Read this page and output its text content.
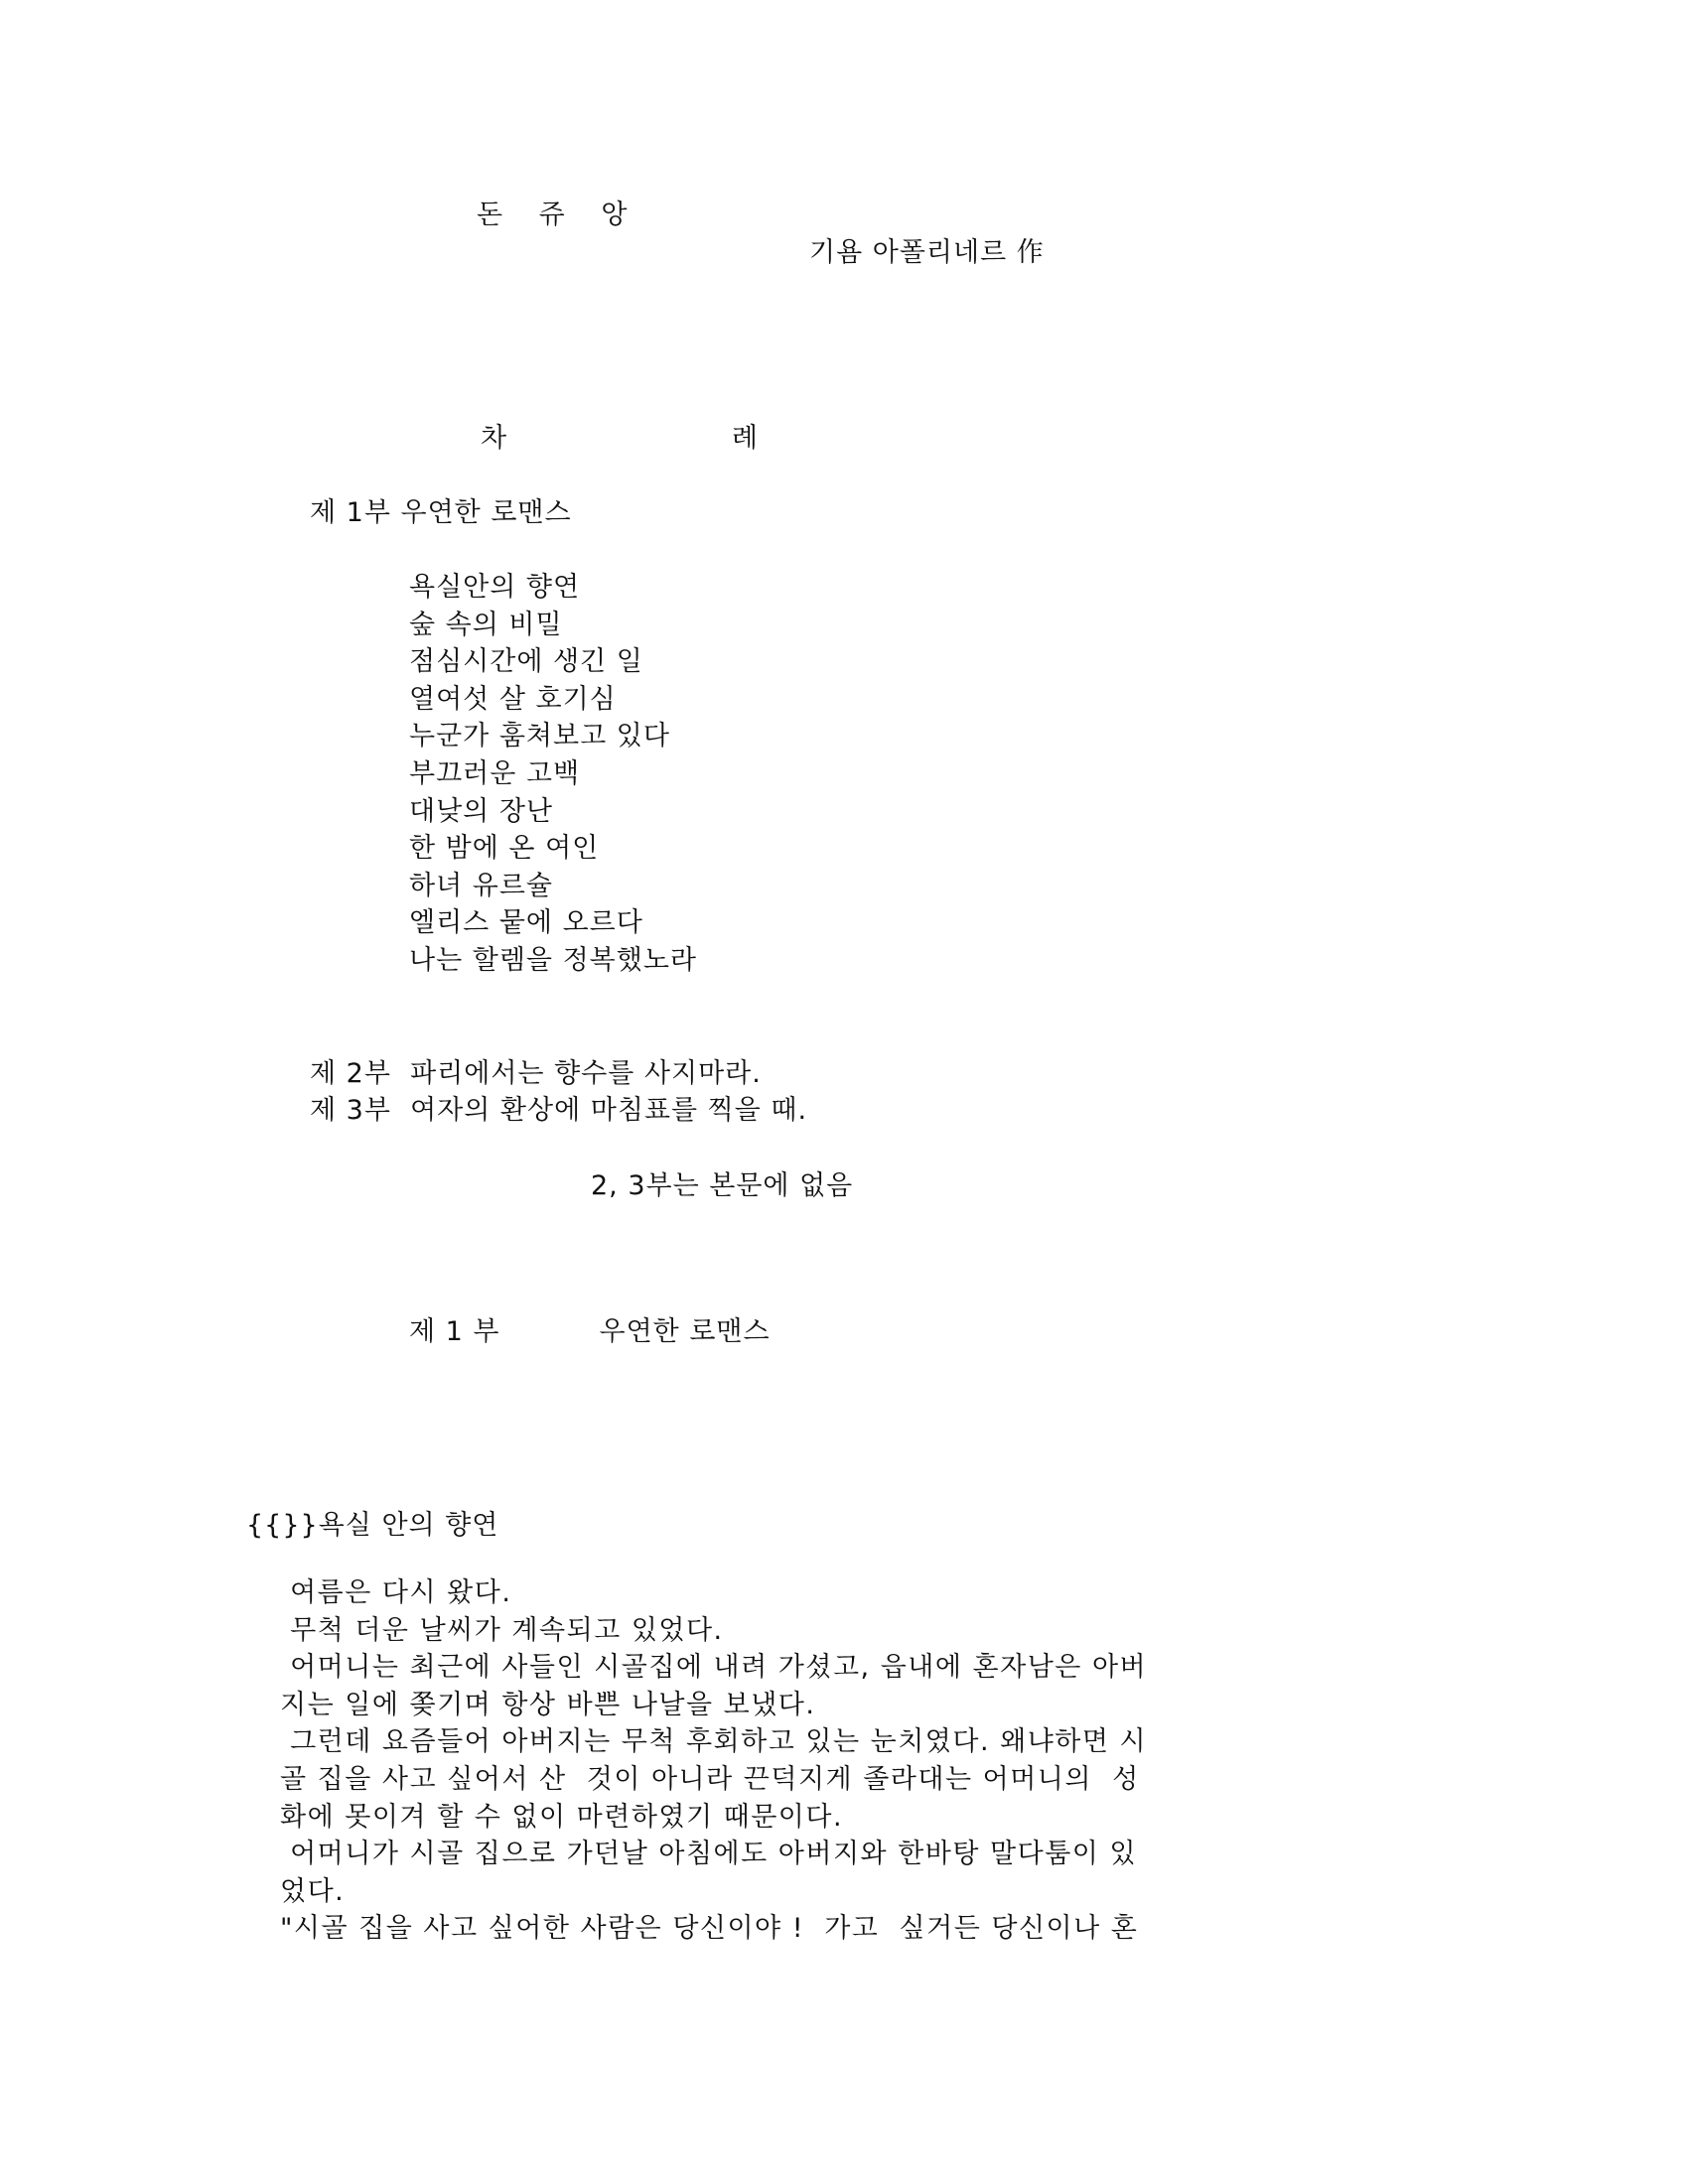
돈 쥬 앙
기욤 아폴리네르 作
차	례
제 1부 우연한 로맨스
욕실안의 향연
숲 속의 비밀
점심시간에 생긴 일
열여섯 살 호기심
누군가 훔쳐보고 있다
부끄러운 고백
대낮의 장난
한 밤에 온 여인
하녀 유르슐
엘리스 뭍에 오르다
나는 할렘을 정복했노라
제 2부  파리에서는 향수를 사지마라.
제 3부  여자의 환상에 마침표를 찍을 때.
2, 3부는 본문에 없음
제 1 부	우연한 로맨스
{{}}욕실 안의 향연
여름은 다시 왔다.
무척 더운 날씨가 계속되고 있었다.
어머니는 최근에 사들인 시골집에 내려 가셨고, 읍내에 혼자남은 아버
지는 일에 쫒기며 항상 바쁜 나날을 보냈다.
그런데 요즘들어 아버지는 무척 후회하고 있는 눈치였다. 왜냐하면 시
골 집을 사고 싶어서 산  것이 아니라 끈덕지게 졸라대는 어머니의  성
화에 못이겨 할 수 없이 마련하였기 때문이다.
어머니가 시골 집으로 가던날 아침에도 아버지와 한바탕 말다툼이 있
었다.
"시골 집을 사고 싶어한 사람은 당신이야 !  가고  싶거든 당신이나 혼
